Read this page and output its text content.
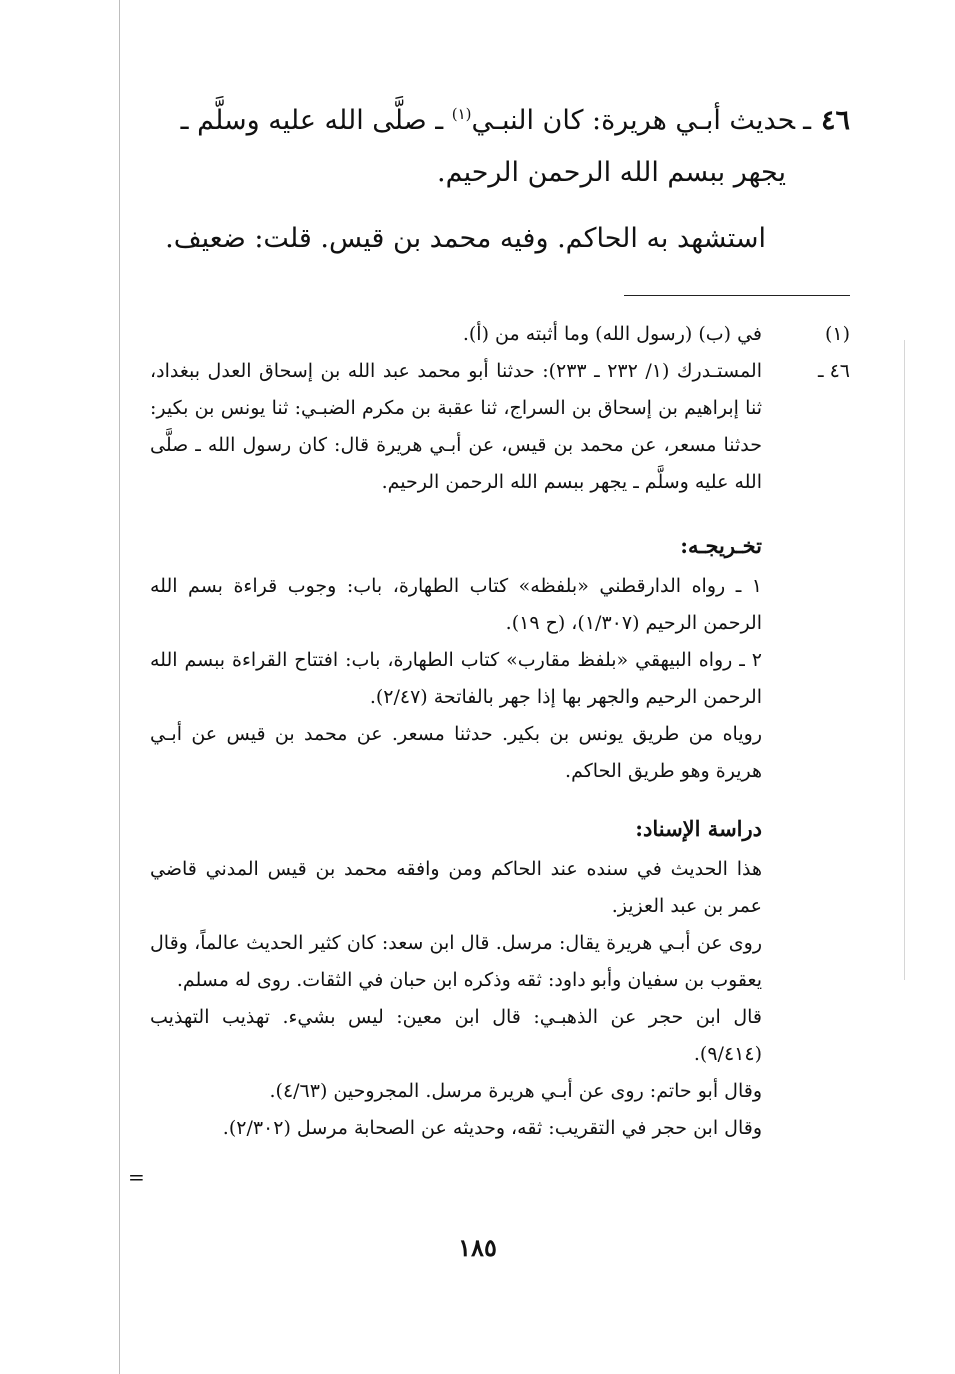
٤٦ـحديث أبـي هريرة: كان النبـي$^{(١)}$ ـ صلَّى الله عليه وسلَّم ـ
يجهر ببسم الله الرحمن الرحيم.

استشهد به الحاكم. وفيه محمد بن قيس. قلت: ضعيف.

(١)
في (ب) (رسول الله) وما أثبته من (أ).
٤٦ ـ
المستـدرك (١/ ٢٣٢ ـ ٢٣٣): حدثنا أبو محمد عبد الله بن إسحاق العدل ببغداد، ثنا إبراهيم بن إسحاق بن السراج، ثنا عقبة بن مكرم الضبـي: ثنا يونس بن بكير: حدثنا مسعر، عن محمد بن قيس، عن أبـي هريرة قال: كان رسول الله ـ صلَّى الله عليه وسلَّم ـ يجهر ببسم الله الرحمن الرحيم.
تخـريجـه:

١ ـ رواه الدارقطني «بلفظه» كتاب الطهارة، باب: وجوب قراءة بسم الله الرحمن الرحيم (١/٣٠٧)، (ح ١٩).

٢ ـ رواه البيهقي «بلفظ مقارب» كتاب الطهارة، باب: افتتاح القراءة ببسم الله الرحمن الرحيم والجهر بها إذا جهر بالفاتحة (٢/٤٧).

روياه من طريق يونس بن بكير. حدثنا مسعر. عن محمد بن قيس عن أبـي هريرة وهو طريق الحاكم.

دراسة الإسناد:

هذا الحديث في سنده عند الحاكم ومن وافقه محمد بن قيس المدني قاضي عمر بن عبد العزيز.

روى عن أبـي هريرة يقال: مرسل. قال ابن سعد: كان كثير الحديث عالماً، وقال يعقوب بن سفيان وأبو داود: ثقه وذكره ابن حبان في الثقات. روى له مسلم.

قال ابن حجر عن الذهبـي: قال ابن معين: ليس بشيء. تهذيب التهذيب (٩/٤١٤).

وقال أبو حاتم: روى عن أبـي هريرة مرسل. المجروحين (٤/٦٣).

وقال ابن حجر في التقريب: ثقه، وحديثه عن الصحابة مرسل (٢/٣٠٢).

=
١٨٥
